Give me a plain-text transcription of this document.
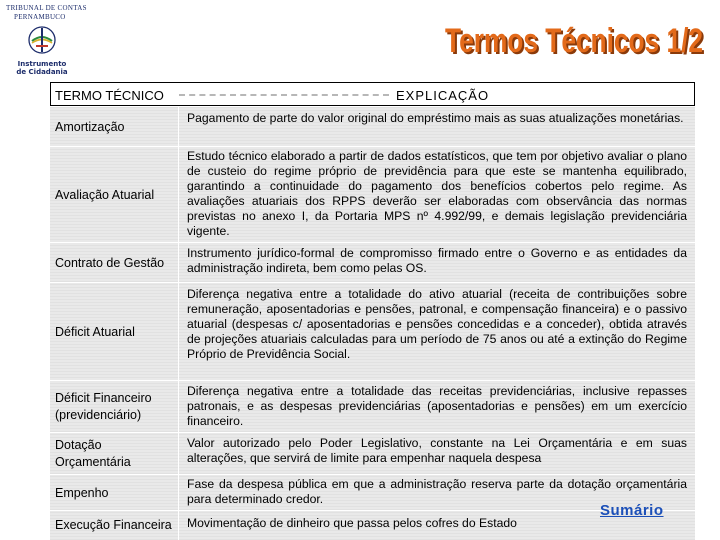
TRIBUNAL DE CONTAS
PERNAMBUCO
Instrumento
de Cidadania
Termos Técnicos 1/2
Termos Técnicos 1/2
TERMO TÉCNICO	EXPLICAÇÃO
Amortização
Pagamento de parte do valor original do empréstimo mais as suas atualizações monetárias.
Avaliação Atuarial
Estudo técnico elaborado a partir de dados estatísticos, que tem por objetivo avaliar o plano de custeio do regime próprio de previdência para que este se mantenha equilibrado, garantindo a continuidade do pagamento dos benefícios cobertos pelo regime. As avaliações atuariais dos RPPS deverão ser elaboradas com observância das normas previstas no anexo I, da Portaria MPS nº 4.992/99, e demais legislação previdenciária vigente.
Contrato de Gestão
Instrumento jurídico-formal de compromisso firmado entre o Governo e as entidades da administração indireta, bem como pelas OS.
Déficit Atuarial
Diferença negativa entre a totalidade do ativo atuarial (receita de contribuições sobre remuneração, aposentadorias e pensões, patronal, e compensação financeira) e o passivo atuarial (despesas c/ aposentadorias e pensões concedidas e a conceder), obtida através de projeções atuariais calculadas para um período de 75 anos ou até a extinção do Regime Próprio de Previdência Social.
Déficit Financeiro (previdenciário)
Diferença negativa entre a totalidade das receitas previdenciárias, inclusive repasses patronais, e as despesas previdenciárias (aposentadorias e pensões) em um exercício financeiro.
Dotação Orçamentária
Valor autorizado pelo Poder Legislativo, constante na Lei Orçamentária e em suas alterações, que servirá de limite para empenhar naquela despesa
Empenho
Fase da despesa pública em que a administração reserva parte da dotação orçamentária para determinado credor.
Execução Financeira	Movimentação de dinheiro que passa pelos cofres do Estado
Sumário
